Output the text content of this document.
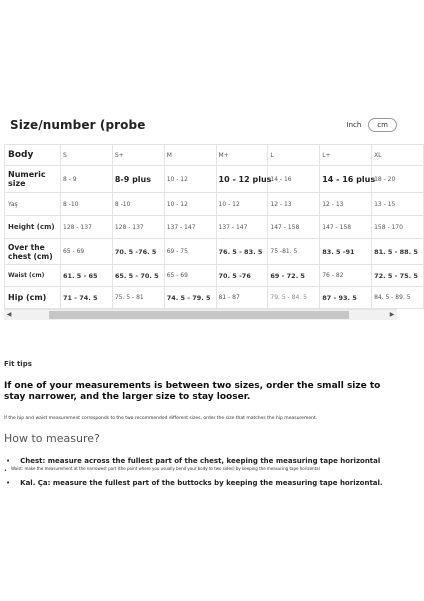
Size/number (probe	Inch	cm
Body	S	S+	M	M+	L	L+	XL
Numeric size	8 - 9	8-9 plus	10 - 12	10 - 12 plus	14 - 16	14 - 16 plus	18 - 20
Yaş	8 -10	8 -10	10 - 12	10 - 12	12 - 13	12 - 13	13 - 15
Height (cm)	128 - 137	128 - 137	137 - 147	137 - 147	147 - 158	147 - 158	158 - 170
Over the chest (cm)	65 - 69	70. 5 -76. 5	69 - 75	76. 5 - 83. 5	75 -81. 5	83. 5 -91	81. 5 - 88. 5
Waist (cm)	61. 5 - 65	65. 5 - 70. 5	65 - 69	70. 5 -76	69 - 72. 5	76 - 82	72. 5 - 75. 5
Hip (cm)	71 - 74. 5	75. 5 - 81	74. 5 - 79. 5	81 - 87	79. 5 - 84. 5	87 - 93. 5	84. 5 - 89. 5
◀	▶
Fit tips
If one of your measurements is between two sizes, order the small size to stay narrower, and the larger size to stay looser.
If the hip and waist measurement corresponds to the two recommended different sizes, order the size that matches the hip measurement.
How to measure?
•	Chest: measure across the fullest part of the chest, keeping the measuring tape horizontal
• Waist: make the measurement at the narrowest part (the point where you usually bend your body to two sides) by keeping the measuring tape horizontal
•	Kal. Ça: measure the fullest part of the buttocks by keeping the measuring tape horizontal.
